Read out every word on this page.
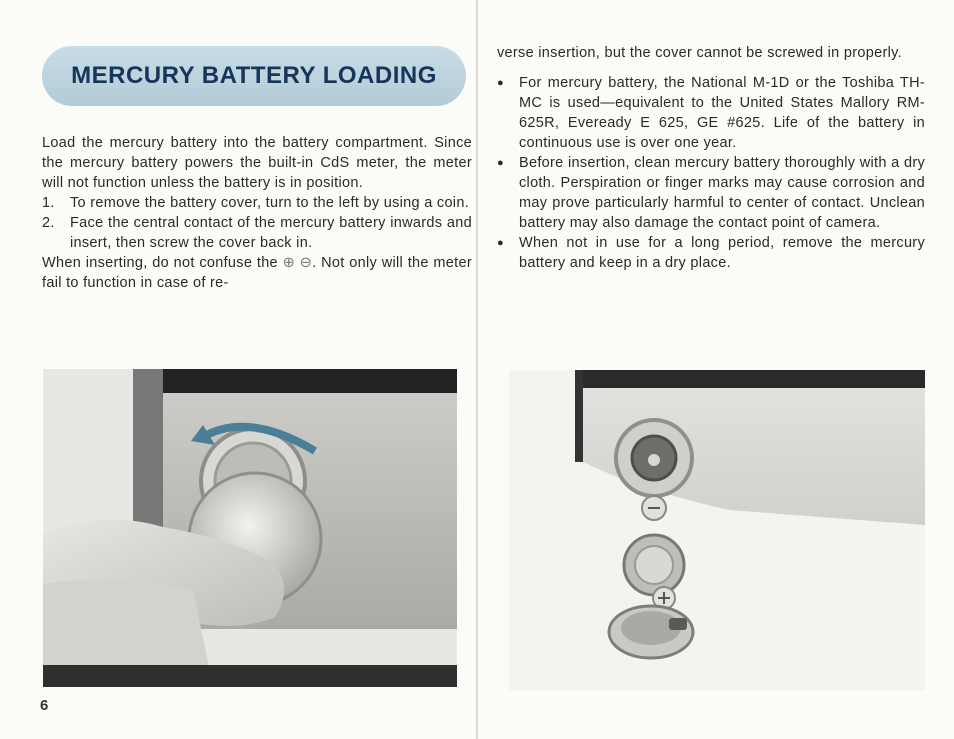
MERCURY BATTERY LOADING

Load the mercury battery into the battery compartment. Since the mercury battery powers the built-in CdS meter, the meter will not function unless the battery is in position.

1.	To remove the battery cover, turn to the left by using a coin.
2.	Face the central contact of the mercury battery inwards and insert, then screw the cover back in.

When inserting, do not confuse the ⊕ ⊖. Not only will the meter fail to function in case of re-

verse insertion, but the cover cannot be screwed in properly.

●	For mercury battery, the National M-1D or the Toshiba TH-MC is used—equivalent to the United States Mallory RM-625R, Eveready E 625, GE #625. Life of the battery in continuous use is over one year.
●	Before insertion, clean mercury battery thoroughly with a dry cloth. Perspiration or finger marks may cause corrosion and may prove particularly harmful to center of contact. Unclean battery may also damage the contact point of camera.
●	When not in use for a long period, remove the mercury battery and keep in a dry place.
6
